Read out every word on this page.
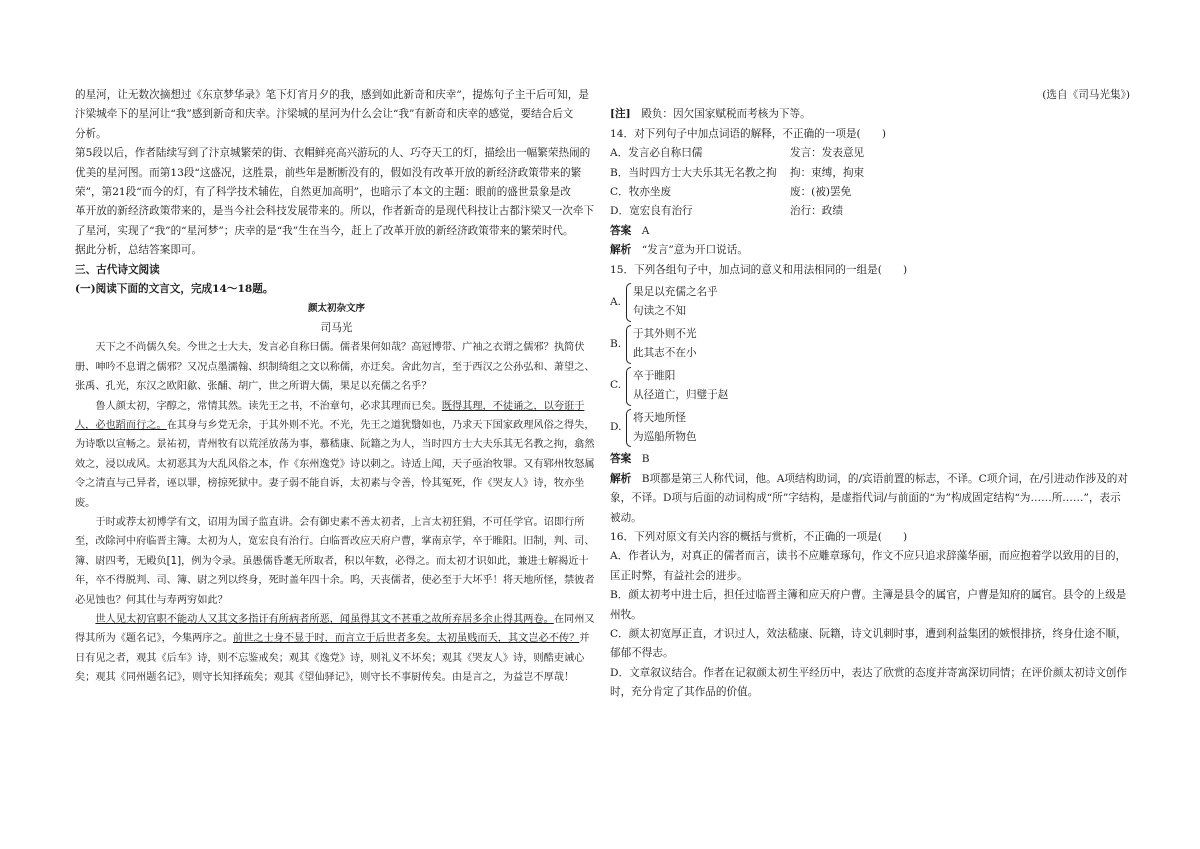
的星河，让无数次摘想过《东京梦华录》笔下灯宵月夕的我，感到如此新奇和庆幸”，提炼句子主干后可知，是

汴梁城牵下的星河让“我”感到新奇和庆幸。汴梁城的星河为什么会让“我”有新奇和庆幸的感觉，要结合后文

分析。

第5段以后，作者陆续写到了汴京城繁荣的街、衣帽鲜亮高兴游玩的人、巧夺天工的灯，描绘出一幅繁荣热闹的

优美的星河图。而第13段“这盛况，这胜景，前些年是断断没有的，假如没有改革开放的新经济政策带来的繁

荣”，第21段“而今的灯，有了科学技术辅佐，自然更加高明”，也暗示了本文的主题：眼前的盛世景象是改

革开放的新经济政策带来的，是当今社会科技发展带来的。所以，作者新奇的是现代科技让古都汴梁又一次牵下

了星河，实现了“我”的“星河梦”；庆幸的是“我”生在当今，赶上了改革开放的新经济政策带来的繁荣时代。

据此分析，总结答案即可。

三、古代诗文阅读

(一)阅读下面的文言文，完成14～18题。

颜太初杂文序

司马光

天下之不尚儒久矣。今世之士大夫，发言必自称曰儒。儒者果何如哉？高冠博带、广袖之衣谓之儒邪？执简伏册、呻吟不息谓之儒邪？又况点墨濡翰、织制绮组之文以称儒，亦迂矣。舍此勿言，至于西汉之公孙弘和、萧望之、张禹、孔光，东汉之欧阳歙、张酺、胡广，世之所谓大儒，果足以充儒之名乎？

鲁人颜太初，字醇之，常情其然。读先王之书，不治章句，必求其理而已矣。既得其理，不徒诵之，以夸诳于人，必也蹈而行之。在其身与乡党无余，于其外则不光。不光，先王之道犹翳如也，乃求天下国家政理风俗之得失，为诗歌以宣畅之。景祐初，青州牧有以荒淫放荡为事，慕嵇康、阮籍之为人，当时四方士大夫乐其无名教之拘，翕然效之，浸以成风。太初恶其为大乱风俗之本，作《东州逸党》诗以刺之。诗适上闻，天子亟治牧罪。又有郓州牧怒属令之清直与己异者，诬以罪，榜掠死狱中。妻子弱不能自诉，太初素与令善，怜其冤死，作《哭友人》诗，牧亦坐废。

于时或荐太初博学有文，诏用为国子监直讲。会有御史素不善太初者，上言太初狂狷，不可任学官。诏即行所至，改除河中府临晋主簿。太初为人，宽宏良有治行。白临晋改应天府户曹，掌南京学，卒于睢阳。旧制，判、司、簿、尉四考，无殿负[1]，例为令录。虽愚儒昏耄无所取者，积以年数，必得之。而太初才识如此，兼进士解褐近十年，卒不得脱判、司、簿、尉之列以终身，死时盖年四十余。呜，天丧儒者，使必至于大坏乎！将天地所怪，禁彼者必见蚀也？何其仕与寿两穷如此？

世人见太初官职不能动人又其文多指讦有所病者所恶，闻虽得其文不甚重之故所弃居多余止得其两卷。在同州又得其所为《题名记》，今集两序之。前世之士身不显于时，而言立于后世者多矣。太初虽贱而夭，其文岂必不传？并日有见之者，观其《后车》诗，则不忘鉴戒矣；观其《逸党》诗，则礼义不坏矣；观其《哭友人》诗，则酷吏诫心矣；观其《同州题名记》，则守长知择疏矣；观其《望仙驿记》，则守长不事厨传矣。由是言之，为益岂不厚哉！

(选自《司马光集》)

[注]　 殿负：因欠国家赋税而考核为下等。

14．对下列句子中加点词语的解释，不正确的一项是(　　)

A．发言必自称曰儒	发言：发表意见
B．当时四方士大夫乐其无名教之拘	拘：束缚，拘束
C．牧亦坐废	废：(被)罢免
D．宽宏良有治行	治行：政绩

答案　 A

解析　 “发言”意为开口说话。

15．下列各组句子中，加点词的意义和用法相同的一组是(　　)

A.

果足以充儒之名乎

句读之不知

B.

于其外则不光

此其志不在小

C.

卒于睢阳

从径道亡，归璧于赵

D.

将天地所怪

为巡船所物色

答案　 B

解析　 B项都是第三人称代词，他。A项结构助词，的/宾语前置的标志，不译。C项介词，在/引进动作涉及的对象，不译。D项与后面的动词构成“所”字结构，是虚指代词/与前面的“为”构成固定结构“为……所……”，表示被动。

16．下列对原文有关内容的概括与赏析，不正确的一项是(　　)

A．作者认为，对真正的儒者而言，读书不应雕章琢句，作文不应只追求辞藻华丽，而应抱着学以致用的目的，匡正时弊，有益社会的进步。

B．颜太初考中进士后，担任过临晋主簿和应天府户曹。主簿是县令的属官，户曹是知府的属官。县令的上级是州牧。

C．颜太初宽厚正直，才识过人，效法嵇康、阮籍，诗文讥刺时事，遭到利益集团的嫉恨排挤，终身仕途不顺，郁郁不得志。

D．文章叙议结合。作者在记叙颜太初生平经历中，表达了欣赏的态度并寄寓深切同情；在评价颜太初诗文创作时，充分肯定了其作品的价值。
